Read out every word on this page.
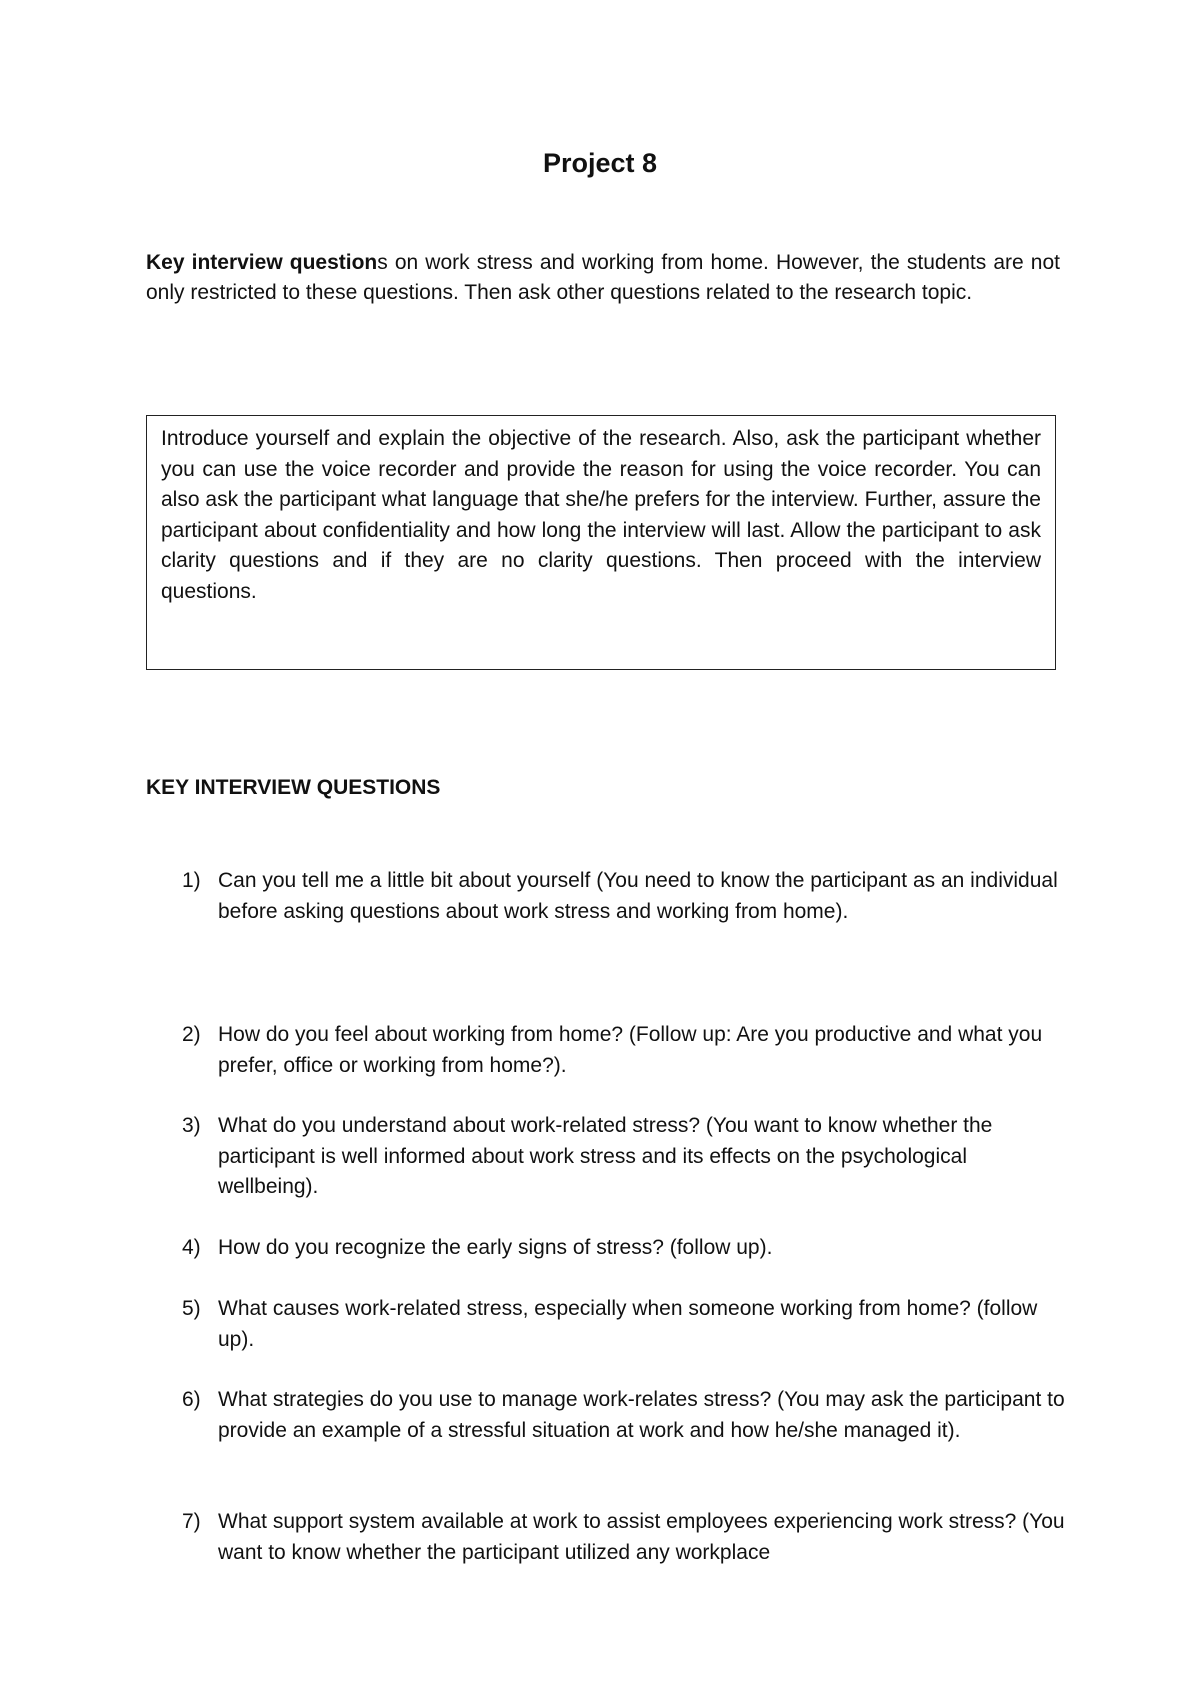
Project 8
Key interview questions on work stress and working from home. However, the students are not only restricted to these questions. Then ask other questions related to the research topic.
Introduce yourself and explain the objective of the research. Also, ask the participant whether you can use the voice recorder and provide the reason for using the voice recorder. You can also ask the participant what language that she/he prefers for the interview. Further, assure the participant about confidentiality and how long the interview will last. Allow the participant to ask clarity questions and if they are no clarity questions. Then proceed with the interview questions.
KEY INTERVIEW QUESTIONS
1) Can you tell me a little bit about yourself (You need to know the participant as an individual before asking questions about work stress and working from home).
2) How do you feel about working from home? (Follow up: Are you productive and what you prefer, office or working from home?).
3) What do you understand about work-related stress? (You want to know whether the participant is well informed about work stress and its effects on the psychological wellbeing).
4) How do you recognize the early signs of stress? (follow up).
5) What causes work-related stress, especially when someone working from home? (follow up).
6) What strategies do you use to manage work-relates stress? (You may ask the participant to provide an example of a stressful situation at work and how he/she managed it).
7) What support system available at work to assist employees experiencing work stress? (You want to know whether the participant utilized any workplace
